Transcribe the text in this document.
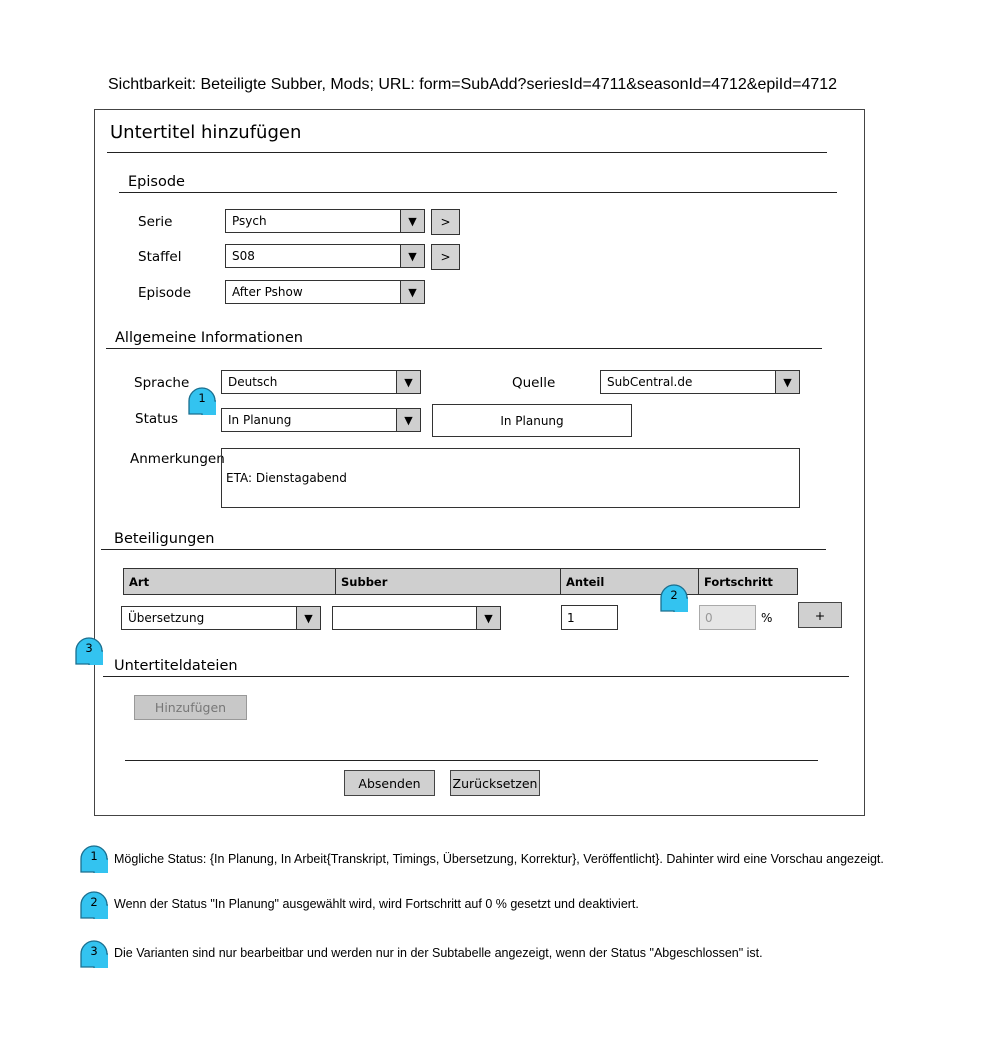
Sichtbarkeit: Beteiligte Subber, Mods; URL: form=SubAdd?seriesId=4711&seasonId=4712&epiId=4712
Untertitel hinzufügen
Episode
Serie	Psych	▼	>
Staffel	S08	▼	>
Episode	After Pshow	▼
Allgemeine Informationen
Sprache	Deutsch	▼	Quelle	SubCentral.de	▼
Status	In Planung	▼	In Planung
Anmerkungen
ETA: Dienstagabend
Beteiligungen
Art	Subber	Anteil	Fortschritt
Übersetzung	▼	▼	1	0	%	+
Untertiteldateien
Hinzufügen
Absenden	Zurücksetzen
1
2
3
1	Mögliche Status: {In Planung, In Arbeit{Transkript, Timings, Übersetzung, Korrektur}, Veröffentlicht}. Dahinter wird eine Vorschau angezeigt.
2	Wenn der Status "In Planung" ausgewählt wird, wird Fortschritt auf 0 % gesetzt und deaktiviert.
3	Die Varianten sind nur bearbeitbar und werden nur in der Subtabelle angezeigt, wenn der Status "Abgeschlossen" ist.
